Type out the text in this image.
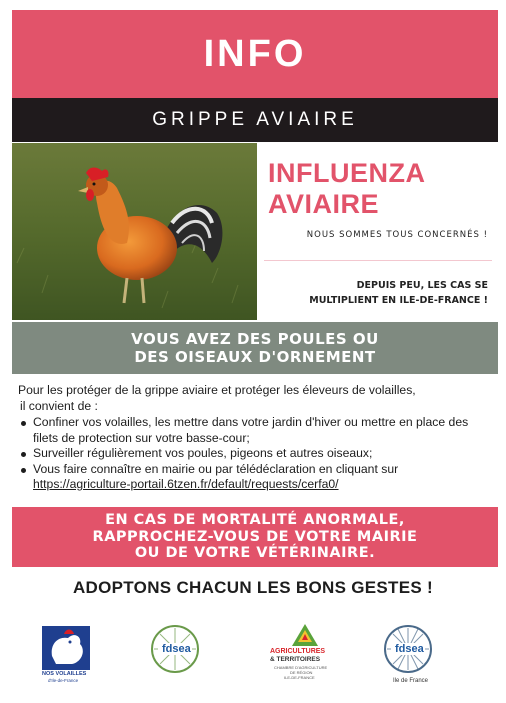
INFO
GRIPPE AVIAIRE
INFLUENZA
AVIAIRE
NOUS SOMMES TOUS CONCERNÉS !
DEPUIS PEU, LES CAS SE
MULTIPLIENT EN ILE-DE-FRANCE !
VOUS AVEZ DES POULES OU
DES OISEAUX D'ORNEMENT
Pour les protéger de la grippe aviaire et protéger les éleveurs de volailles,
il convient de :
Confiner vos volailles, les mettre dans votre jardin d'hiver ou mettre en place des
filets de protection sur votre basse-cour;
Surveiller régulièrement vos poules, pigeons et autres oiseaux;
Vous faire connaître en mairie ou par télédéclaration en cliquant sur
https://agriculture-portail.6tzen.fr/default/requests/cerfa0/
EN CAS DE MORTALITÉ ANORMALE,
RAPPROCHEZ-VOUS DE VOTRE MAIRIE
OU DE VOTRE VÉTÉRINAIRE.
ADOPTONS CHACUN LES BONS GESTES !
NOS VOLAILLES
d'Ile-de-France
fdsea	AGRICULTURES
& TERRITOIRES
CHAMBRE D'AGRICULTURE
DE RÉGION
ILE-DE-FRANCE
fdsea
Ile de France
